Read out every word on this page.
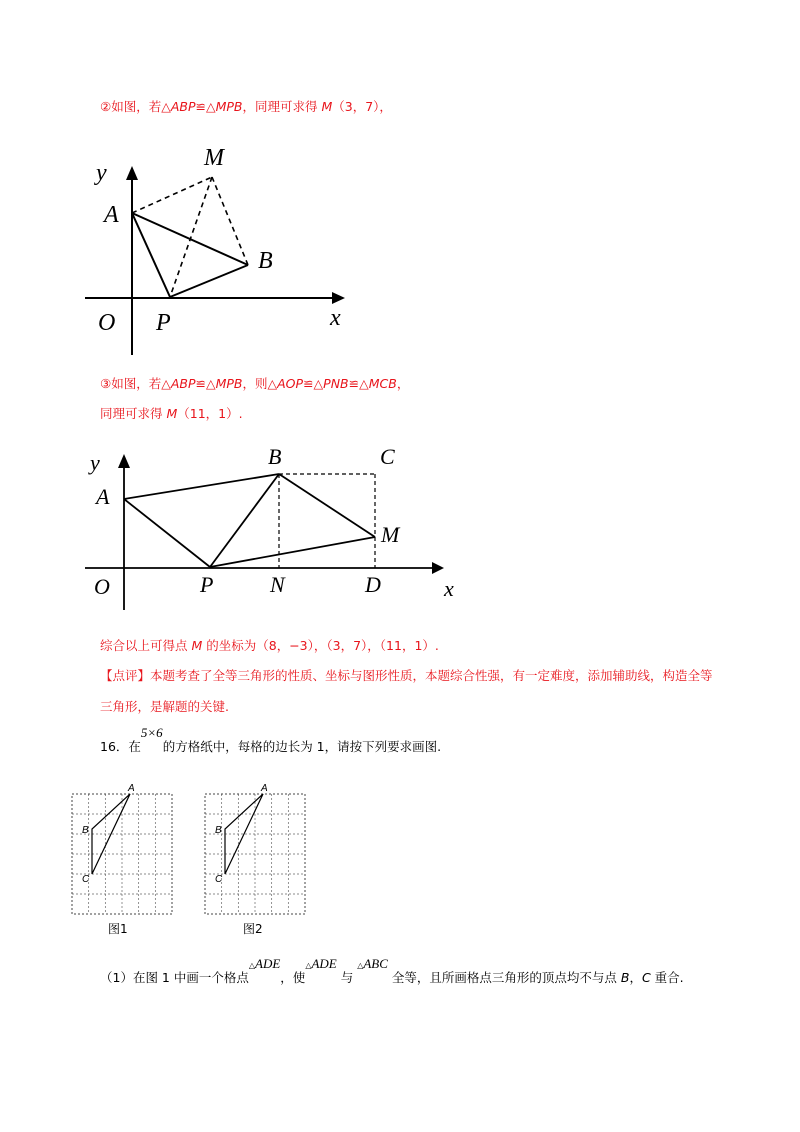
②如图，若△ABP≌△MPB，同理可求得 M（3，7），
y
M
A
B
O P	x
③如图，若△ABP≌△MPB，则△AOP≌△PNB≌△MCB，
同理可求得 M（11，1）.
y
A
B	C
M
O	P	N	D	x
综合以上可得点 M 的坐标为（8，−3），（3，7），（11，1）.
【点评】本题考查了全等三角形的性质、坐标与图形性质，本题综合性强，有一定难度，添加辅助线，构造全等
三角形，是解题的关键.
16．在5×6的方格纸中，每格的边长为 1，请按下列要求画图.
A
B
C
图1
A
B
C
图2
（1）在图 1 中画一个格点△ADE，使△ADE 与 △ABC 全等，且所画格点三角形的顶点均不与点 B，C 重合.
